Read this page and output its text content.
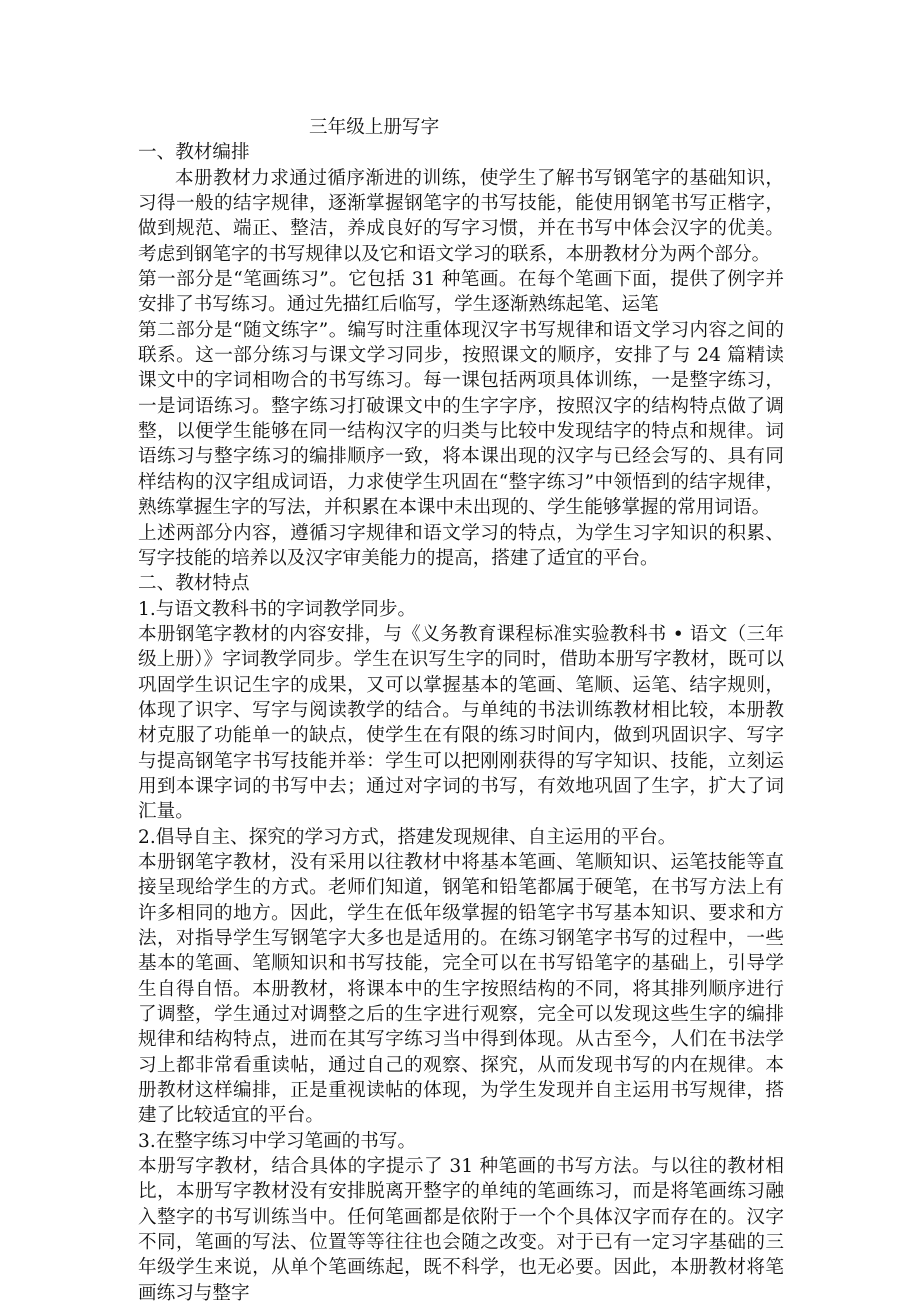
三年级上册写字
一、教材编排

本册教材力求通过循序渐进的训练，使学生了解书写钢笔字的基础知识，习得一般的结字规律，逐渐掌握钢笔字的书写技能，能使用钢笔书写正楷字，做到规范、端正、整洁，养成良好的写字习惯，并在书写中体会汉字的优美。考虑到钢笔字的书写规律以及它和语文学习的联系，本册教材分为两个部分。

第一部分是“笔画练习”。它包括 31 种笔画。在每个笔画下面，提供了例字并安排了书写练习。通过先描红后临写，学生逐渐熟练起笔、运笔

第二部分是“随文练字”。编写时注重体现汉字书写规律和语文学习内容之间的联系。这一部分练习与课文学习同步，按照课文的顺序，安排了与 24 篇精读课文中的字词相吻合的书写练习。每一课包括两项具体训练，一是整字练习，一是词语练习。整字练习打破课文中的生字字序，按照汉字的结构特点做了调整，以便学生能够在同一结构汉字的归类与比较中发现结字的特点和规律。词语练习与整字练习的编排顺序一致，将本课出现的汉字与已经会写的、具有同样结构的汉字组成词语，力求使学生巩固在“整字练习”中领悟到的结字规律，熟练掌握生字的写法，并积累在本课中未出现的、学生能够掌握的常用词语。

上述两部分内容，遵循习字规律和语文学习的特点，为学生习字知识的积累、写字技能的培养以及汉字审美能力的提高，搭建了适宜的平台。

二、教材特点
1.与语文教科书的字词教学同步。

本册钢笔字教材的内容安排，与《义务教育课程标准实验教科书 • 语文（三年级上册）》字词教学同步。学生在识写生字的同时，借助本册写字教材，既可以巩固学生识记生字的成果，又可以掌握基本的笔画、笔顺、运笔、结字规则，体现了识字、写字与阅读教学的结合。与单纯的书法训练教材相比较，本册教材克服了功能单一的缺点，使学生在有限的练习时间内，做到巩固识字、写字与提高钢笔字书写技能并举：学生可以把刚刚获得的写字知识、技能，立刻运用到本课字词的书写中去；通过对字词的书写，有效地巩固了生字，扩大了词汇量。

2.倡导自主、探究的学习方式，搭建发现规律、自主运用的平台。

本册钢笔字教材，没有采用以往教材中将基本笔画、笔顺知识、运笔技能等直接呈现给学生的方式。老师们知道，钢笔和铅笔都属于硬笔，在书写方法上有许多相同的地方。因此，学生在低年级掌握的铅笔字书写基本知识、要求和方法，对指导学生写钢笔字大多也是适用的。在练习钢笔字书写的过程中，一些基本的笔画、笔顺知识和书写技能，完全可以在书写铅笔字的基础上，引导学生自得自悟。本册教材，将课本中的生字按照结构的不同，将其排列顺序进行了调整，学生通过对调整之后的生字进行观察，完全可以发现这些生字的编排规律和结构特点，进而在其写字练习当中得到体现。从古至今，人们在书法学习上都非常看重读帖，通过自己的观察、探究，从而发现书写的内在规律。本册教材这样编排，正是重视读帖的体现，为学生发现并自主运用书写规律，搭建了比较适宜的平台。

3.在整字练习中学习笔画的书写。

本册写字教材，结合具体的字提示了 31 种笔画的书写方法。与以往的教材相比，本册写字教材没有安排脱离开整字的单纯的笔画练习，而是将笔画练习融入整字的书写训练当中。任何笔画都是依附于一个个具体汉字而存在的。汉字不同，笔画的写法、位置等等往往也会随之改变。对于已有一定习字基础的三年级学生来说，从单个笔画练起，既不科学，也无必要。因此，本册教材将笔画练习与整字
